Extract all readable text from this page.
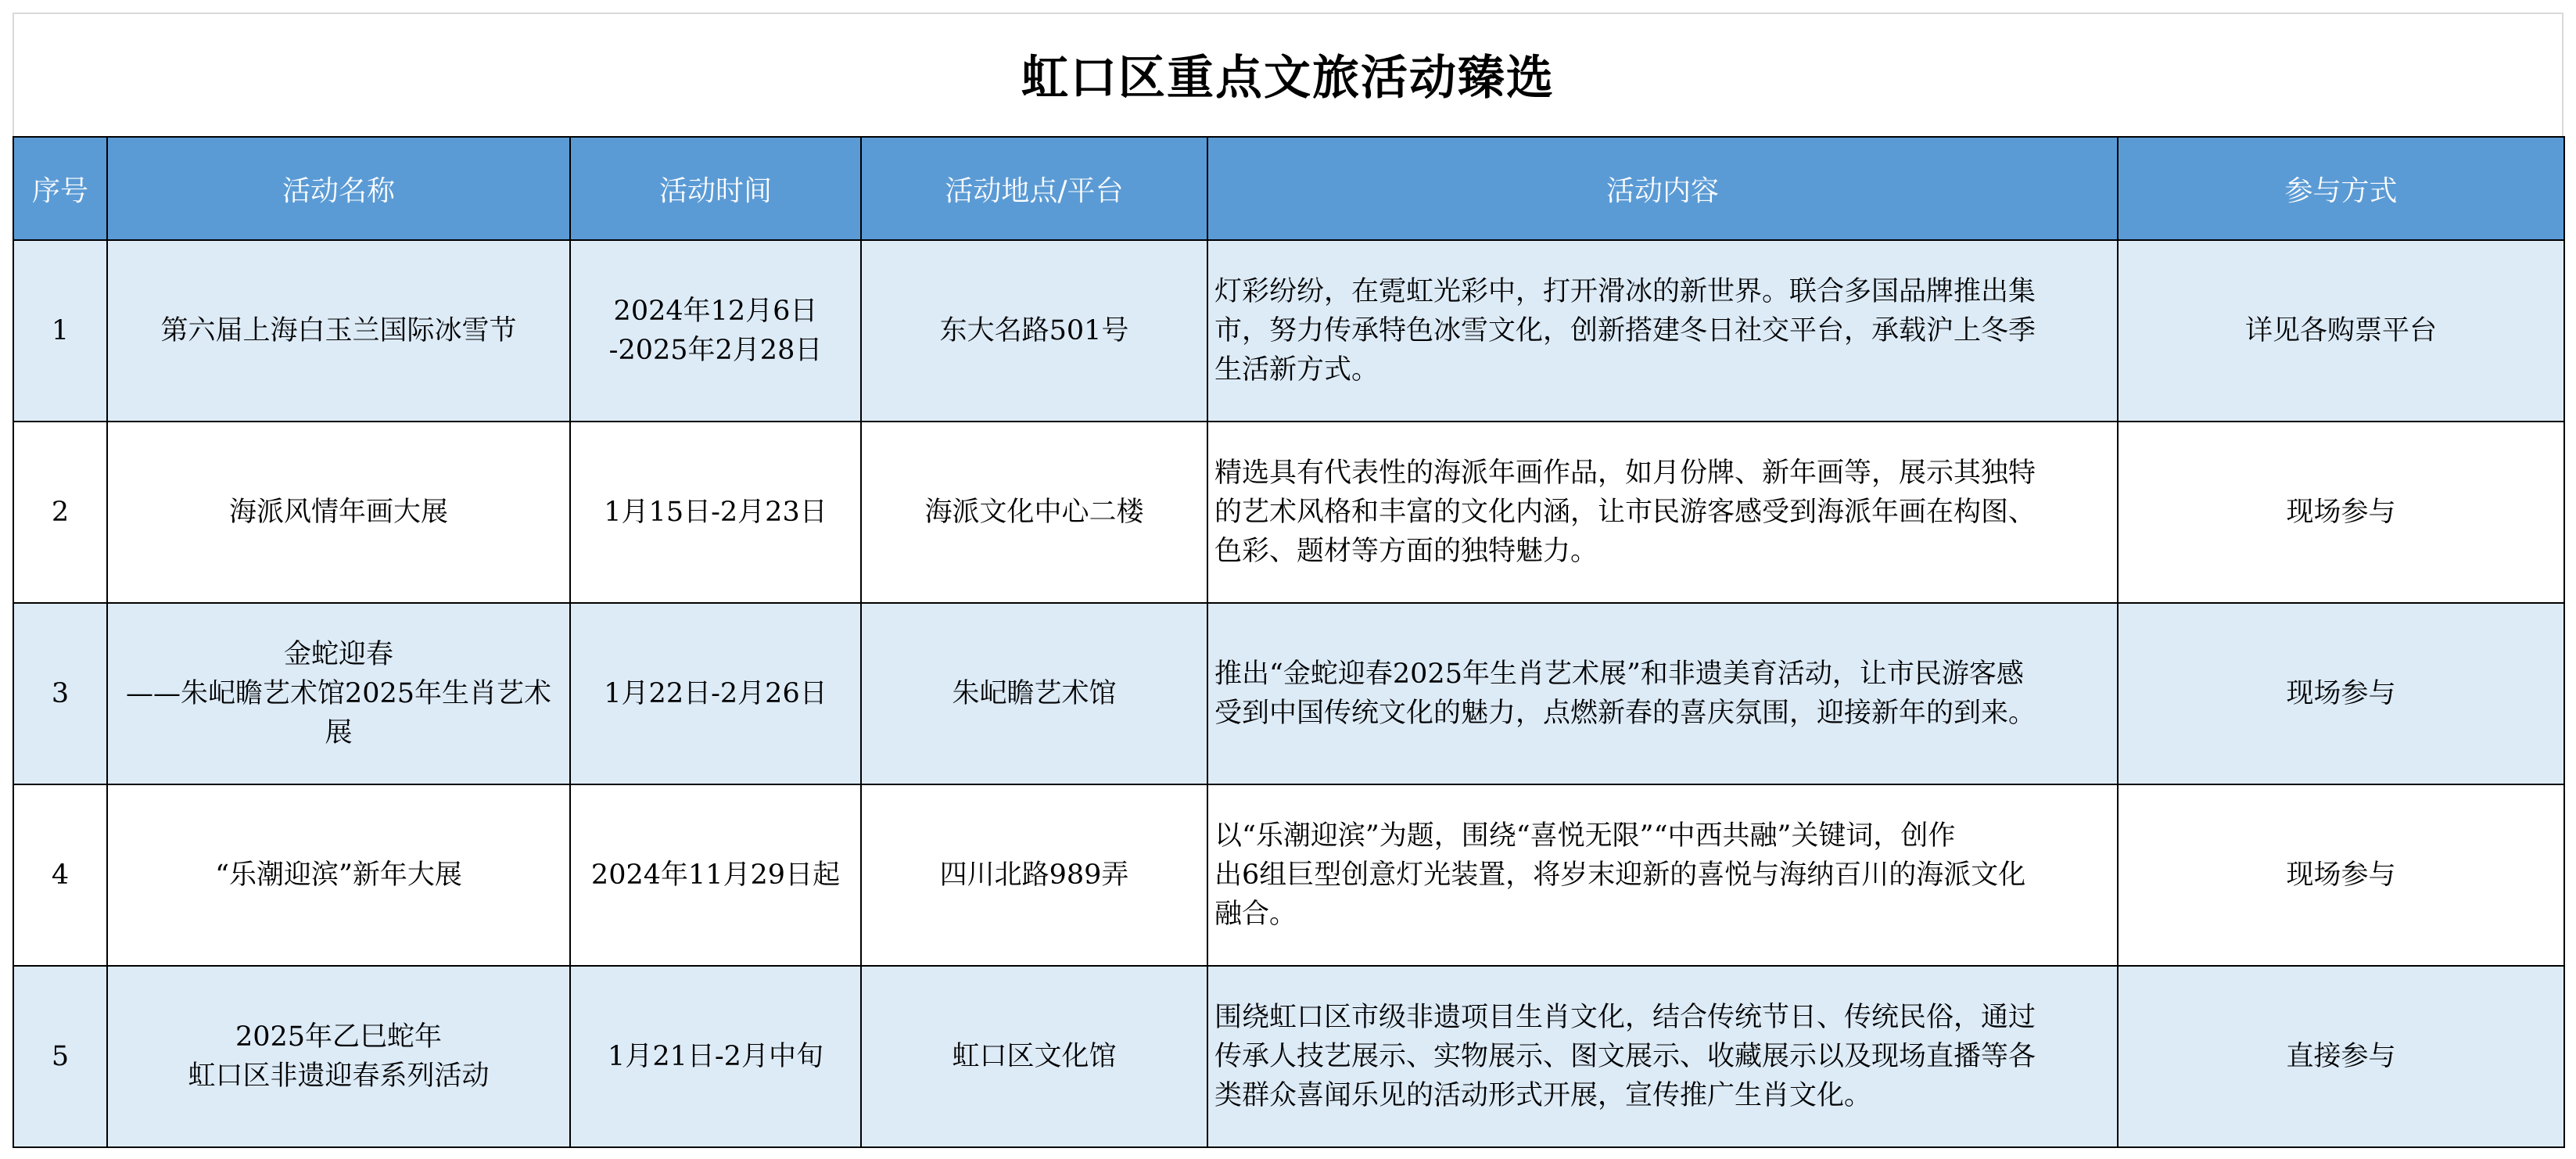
虹口区重点文旅活动臻选
序号	活动名称	活动时间	活动地点/平台	活动内容	参与方式
1	第六届上海白玉兰国际冰雪节	2024年12月6日
-2025年2月28日	东大名路501号	灯彩纷纷，在霓虹光彩中，打开滑冰的新世界。联合多国品牌推出集
市，努力传承特色冰雪文化，创新搭建冬日社交平台，承载沪上冬季
生活新方式。	详见各购票平台
2	海派风情年画大展	1月15日-2月23日	海派文化中心二楼	精选具有代表性的海派年画作品，如月份牌、新年画等，展示其独特
的艺术风格和丰富的文化内涵，让市民游客感受到海派年画在构图、
色彩、题材等方面的独特魅力。	现场参与
3	金蛇迎春
——朱屺瞻艺术馆2025年生肖艺术
展	1月22日-2月26日	朱屺瞻艺术馆	推出“金蛇迎春2025年生肖艺术展”和非遗美育活动，让市民游客感
受到中国传统文化的魅力，点燃新春的喜庆氛围，迎接新年的到来。	现场参与
4	“乐潮迎滨”新年大展	2024年11月29日起	四川北路989弄	以“乐潮迎滨”为题，围绕“喜悦无限”“中西共融”关键词，创作
出6组巨型创意灯光装置，将岁末迎新的喜悦与海纳百川的海派文化
融合。	现场参与
5	2025年乙巳蛇年
虹口区非遗迎春系列活动	1月21日-2月中旬	虹口区文化馆	围绕虹口区市级非遗项目生肖文化，结合传统节日、传统民俗，通过
传承人技艺展示、实物展示、图文展示、收藏展示以及现场直播等各
类群众喜闻乐见的活动形式开展，宣传推广生肖文化。	直接参与
